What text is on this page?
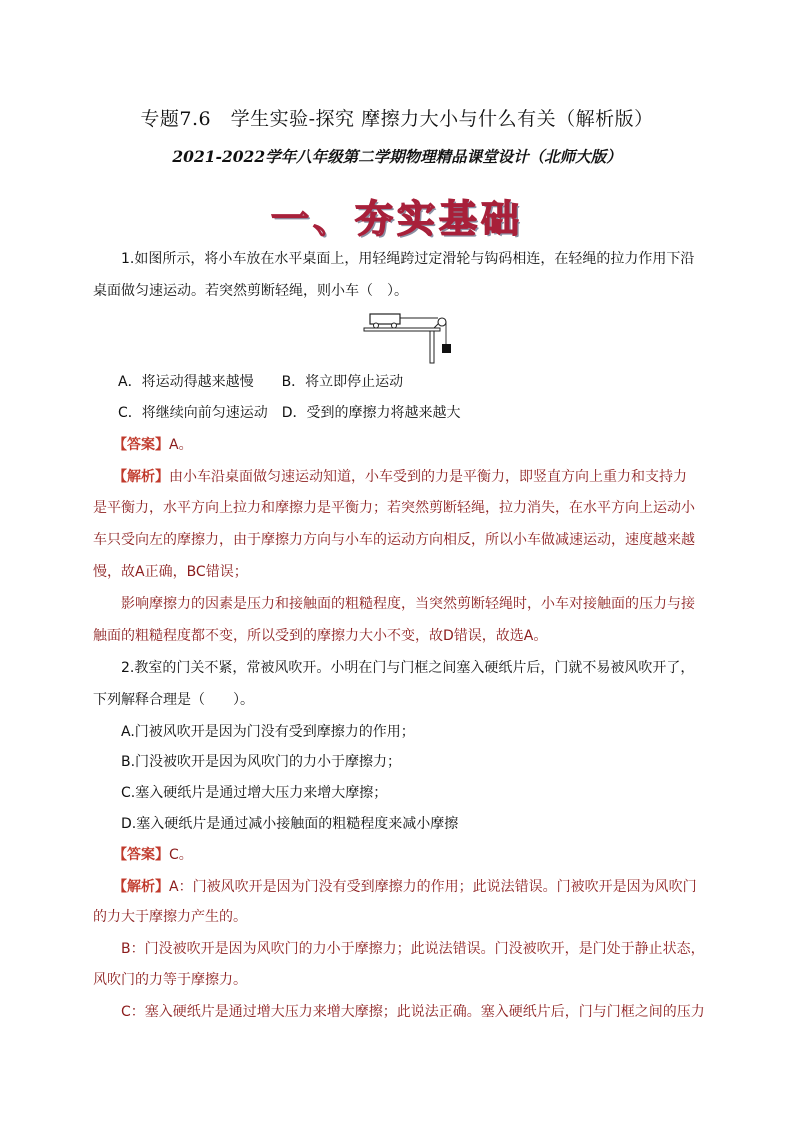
专题7.6　学生实验-探究 摩擦力大小与什么有关（解析版）
2021-2022学年八年级第二学期物理精品课堂设计（北师大版）
一、夯实基础
1.如图所示，将小车放在水平桌面上，用轻绳跨过定滑轮与钩码相连，在轻绳的拉力作用下沿
桌面做匀速运动。若突然剪断轻绳，则小车（　）。
A．将运动得越来越慢　　B．将立即停止运动
C．将继续向前匀速运动　D．受到的摩擦力将越来越大
【答案】A。
【解析】由小车沿桌面做匀速运动知道，小车受到的力是平衡力，即竖直方向上重力和支持力
是平衡力，水平方向上拉力和摩擦力是平衡力；若突然剪断轻绳，拉力消失，在水平方向上运动小
车只受向左的摩擦力，由于摩擦力方向与小车的运动方向相反，所以小车做减速运动，速度越来越
慢，故A正确，BC错误；
影响摩擦力的因素是压力和接触面的粗糙程度，当突然剪断轻绳时，小车对接触面的压力与接
触面的粗糙程度都不变，所以受到的摩擦力大小不变，故D错误，故选A。
2.教室的门关不紧，常被风吹开。小明在门与门框之间塞入硬纸片后，门就不易被风吹开了，
下列解释合理是（　　）。
A.门被风吹开是因为门没有受到摩擦力的作用；
B.门没被吹开是因为风吹门的力小于摩擦力；
C.塞入硬纸片是通过增大压力来增大摩擦；
D.塞入硬纸片是通过减小接触面的粗糙程度来减小摩擦
【答案】C。
【解析】A：门被风吹开是因为门没有受到摩擦力的作用；此说法错误。门被吹开是因为风吹门
的力大于摩擦力产生的。
B：门没被吹开是因为风吹门的力小于摩擦力；此说法错误。门没被吹开，是门处于静止状态，
风吹门的力等于摩擦力。
C：塞入硬纸片是通过增大压力来增大摩擦；此说法正确。塞入硬纸片后，门与门框之间的压力
